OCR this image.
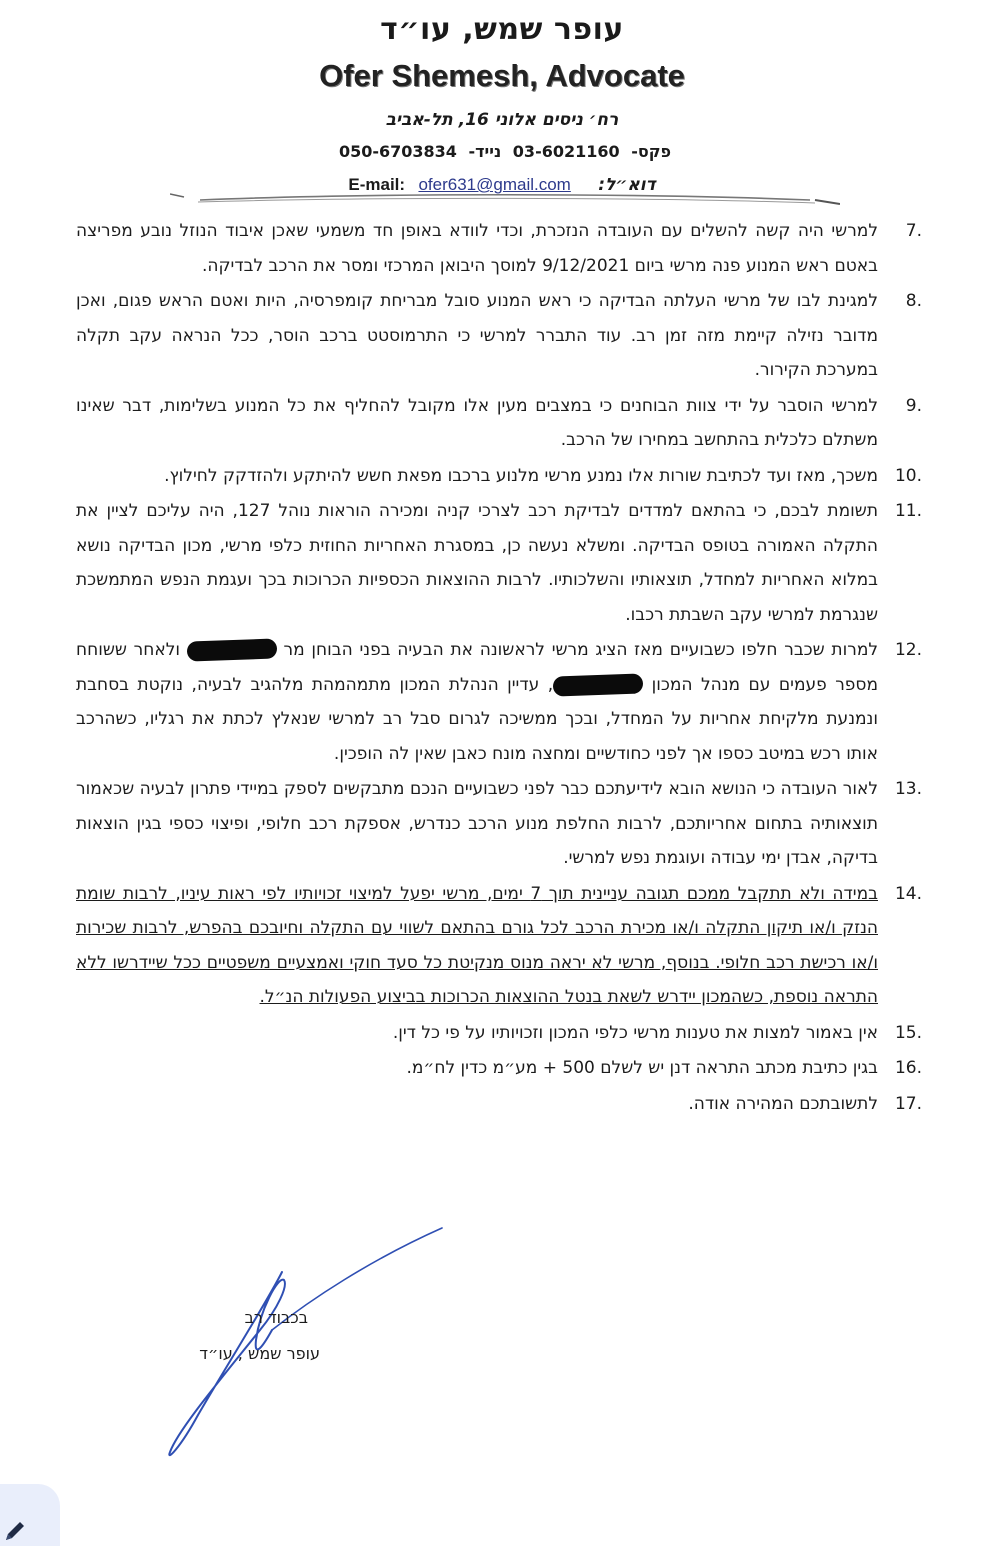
עופר שמש, עו״ד
Ofer Shemesh, Advocate
רח׳ ניסים אלוני 16, תל-אביב
פקס- 03-6021160 נייד- 050-6703834
E-mail: ofer631@gmail.com דוא״ל:
7.
למרשי היה קשה להשלים עם העובדה הנזכרת, וכדי לוודא באופן חד משמעי שאכן איבוד הנוזל נובע מפריצה באטם ראש המנוע פנה מרשי ביום 9/12/2021 למוסך היבואן המרכזי ומסר את הרכב לבדיקה.
8.
למגינת לבו של מרשי העלתה הבדיקה כי ראש המנוע סובל מבריחת קומפרסיה, היות ואטם הראש פגום, ואכן מדובר נזילה קיימת מזה זמן רב. עוד התברר למרשי כי התרמוסטט ברכב הוסר, ככל הנראה עקב תקלה במערכת הקירור.
9.
למרשי הוסבר על ידי צוות הבוחנים כי במצבים מעין אלו מקובל להחליף את כל המנוע בשלימות, דבר שאינו משתלם כלכלית בהתחשב במחירו של הרכב.
10.
משכך, מאז ועד לכתיבת שורות אלו נמנע מרשי מלנוע ברכבו מפאת חשש להיתקע ולהזדקק לחילוץ.
11.
תשומת לבכם, כי בהתאם למדדים לבדיקת רכב לצרכי קניה ומכירה הוראות נוהל 127, היה עליכם לציין את התקלה האמורה בטופס הבדיקה. ומשלא נעשה כן, במסגרת האחריות החוזית כלפי מרשי, מכון הבדיקה נושא במלוא האחריות למחדל, תוצאותיו והשלכותיו. לרבות ההוצאות הכספיות הכרוכות בכך ועגמת הנפש המתמשכת שנגרמת למרשי עקב השבתת רכבו.
12.
למרות שכבר חלפו כשבועיים מאז הציג מרשי לראשונה את הבעיה בפני הבוחן מר  ולאחר ששוחח מספר פעמים עם מנהל המכון , עדיין הנהלת המכון מתמהמהת מלהגיב לבעיה, נוקטת בסחבת ונמנעת מלקיחת אחריות על המחדל, ובכך ממשיכה לגרום סבל רב למרשי שנאלץ לכתת את רגליו, כשהרכב אותו רכש במיטב כספו אך לפני כחודשיים ומחצה מונח כאבן שאין לה הופכין.
13.
לאור העובדה כי הנושא הובא לידיעתכם כבר לפני כשבועיים הנכם מתבקשים לספק במיידי פתרון לבעיה שכאמור תוצאותיה בתחום אחריותכם, לרבות החלפת מנוע הרכב כנדרש, אספקת רכב חלופי, ופיצוי כספי בגין הוצאות בדיקה, אבדן ימי עבודה ועוגמת נפש למרשי.
14.
במידה ולא תתקבל ממכם תגובה עניינית תוך 7 ימים, מרשי יפעל למיצוי זכויותיו לפי ראות עיניו, לרבות שומת הנזק ו/או תיקון התקלה ו/או מכירת הרכב לכל גורם בהתאם לשווי עם התקלה וחיובכם בהפרש, לרבות שכירות ו/או רכישת רכב חלופי. בנוסף, מרשי לא יראה מנוס מנקיטת כל סעד חוקי ואמצעיים משפטיים ככל שיידרשו ללא התראה נוספת, כשהמכון יידרש לשאת בנטל ההוצאות הכרוכות בביצוע הפעולות הנ״ל.
15.
אין באמור למצות את טענות מרשי כלפי המכון וזכויותיו על פי כל דין.
16.
בגין כתיבת מכתב התראה דנן יש לשלם 500 + מע״מ כדין לח״מ.
17.
לתשובתכם המהירה אודה.
בכבוד רב
עופר שמש , עו״ד
